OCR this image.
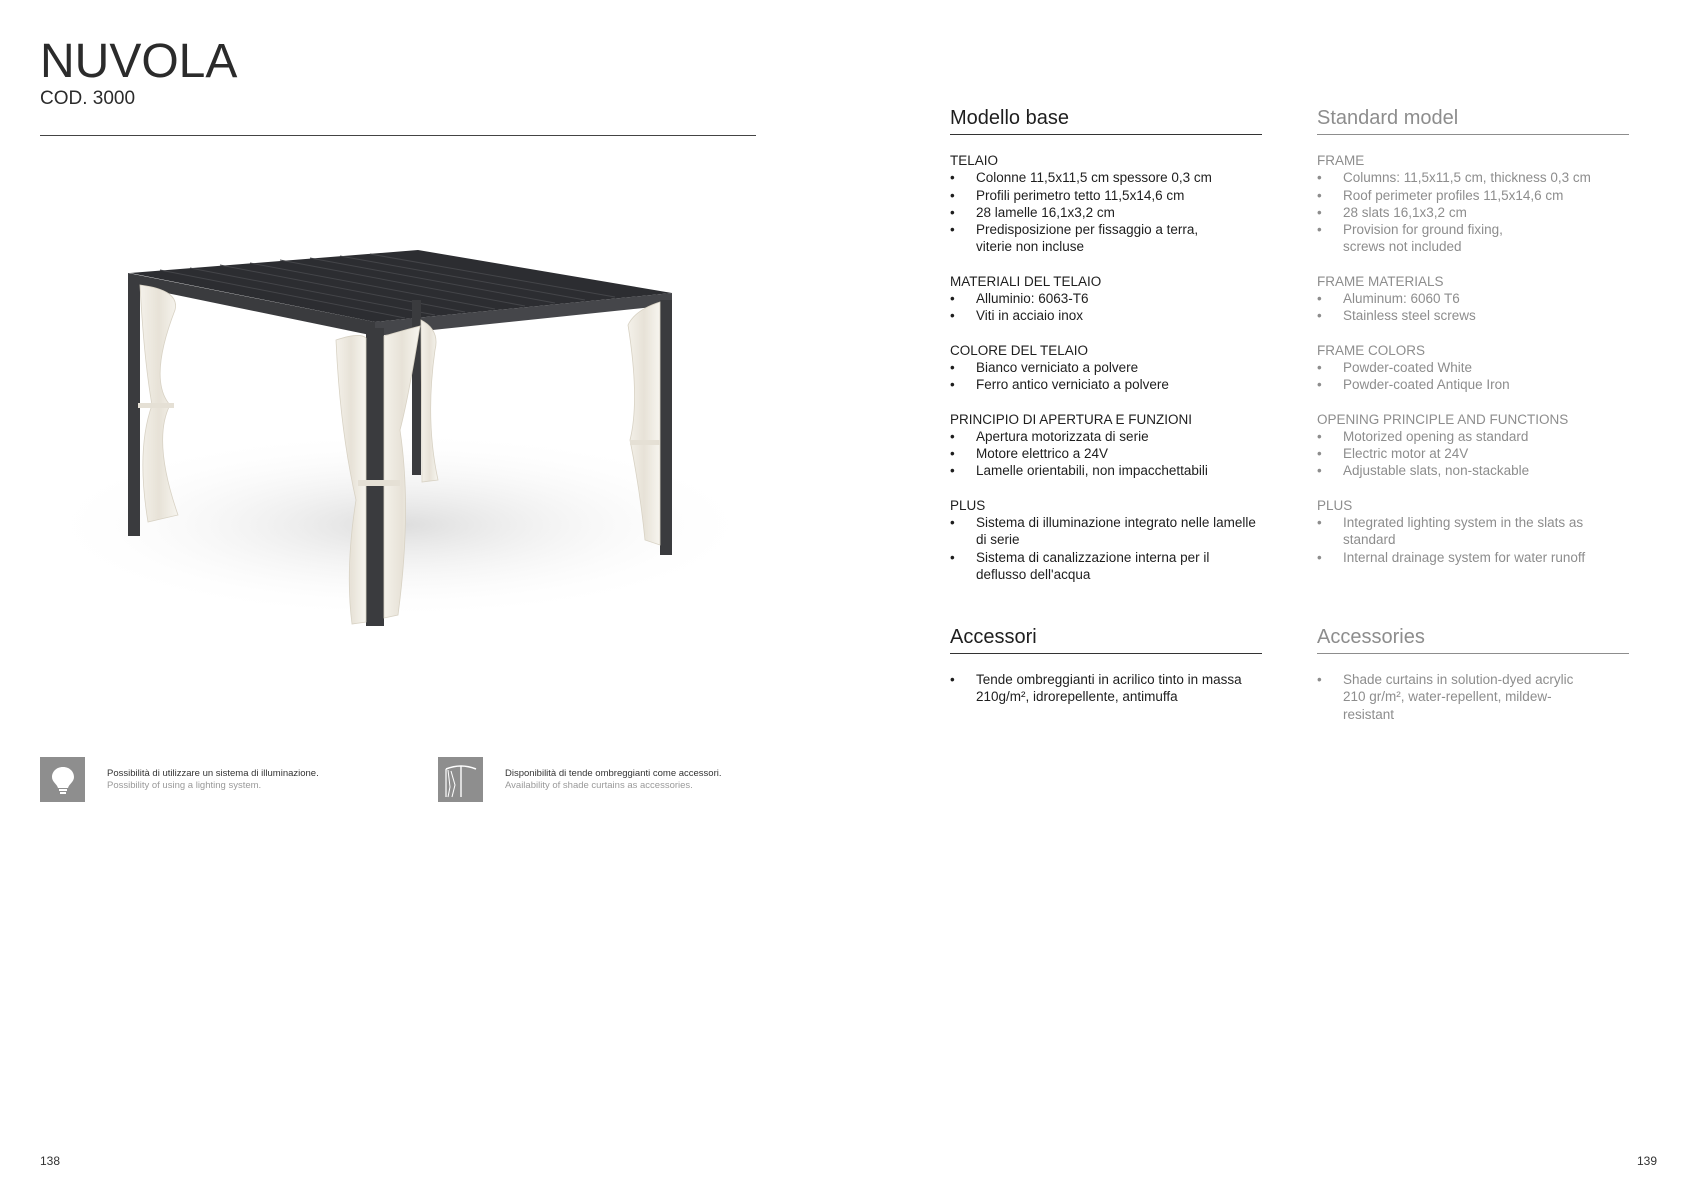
NUVOLA
COD. 3000
Possibilità di utilizzare un sistema di illuminazione.
Possibility of using a lighting system.
Disponibilità di tende ombreggianti come accessori.
Availability of shade curtains as accessories.
Modello base
TELAIO
• Colonne 11,5x11,5 cm spessore 0,3 cm
• Profili perimetro tetto 11,5x14,6 cm
• 28 lamelle 16,1x3,2 cm
• Predisposizione per fissaggio a terra, viterie non incluse
MATERIALI DEL TELAIO
• Alluminio: 6063-T6
• Viti in acciaio inox
COLORE DEL TELAIO
• Bianco verniciato a polvere
• Ferro antico verniciato a polvere
PRINCIPIO DI APERTURA E FUNZIONI
• Apertura motorizzata di serie
• Motore elettrico a 24V
• Lamelle orientabili, non impacchettabili
PLUS
• Sistema di illuminazione integrato nelle lamelle di serie
• Sistema di canalizzazione interna per il deflusso dell'acqua
Standard model
FRAME
• Columns: 11,5x11,5 cm, thickness 0,3 cm
• Roof perimeter profiles 11,5x14,6 cm
• 28 slats 16,1x3,2 cm
• Provision for ground fixing, screws not included
FRAME MATERIALS
• Aluminum: 6060 T6
• Stainless steel screws
FRAME COLORS
• Powder-coated White
• Powder-coated Antique Iron
OPENING PRINCIPLE AND FUNCTIONS
• Motorized opening as standard
• Electric motor at 24V
• Adjustable slats, non-stackable
PLUS
• Integrated lighting system in the slats as standard
• Internal drainage system for water runoff
Accessori
• Tende ombreggianti in acrilico tinto in massa 210g/m², idrorepellente, antimuffa
Accessories
• Shade curtains in solution-dyed acrylic 210 gr/m², water-repellent, mildew-resistant
138	139
